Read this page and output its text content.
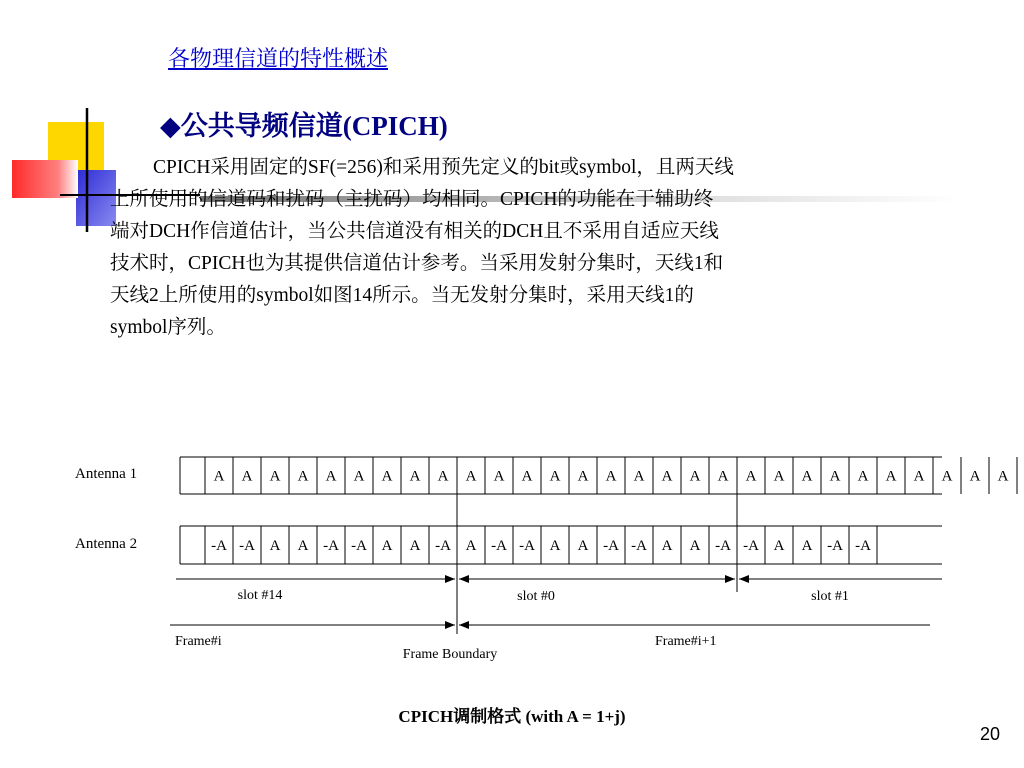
各物理信道的特性概述
◆公共导频信道(CPICH)

CPICH采用固定的SF(=256)和采用预先定义的bit或symbol，且两天线

上所使用的信道码和扰码（主扰码）均相同。CPICH的功能在于辅助终

端对DCH作信道估计，当公共信道没有相关的DCH且不采用自适应天线

技术时，CPICH也为其提供信道估计参考。当采用发射分集时，天线1和

天线2上所使用的symbol如图14所示。当无发射分集时，采用天线1的

symbol序列。

Antenna 1
Antenna 2
A A A A A A A A A A A A A A A A A A A A A A A A A A A A A
-A -A A A -A -A A A -A A -A -A A A -A -A A A -A -A A A -A -A
slot #14	slot #0	slot #1
Frame#i	Frame#i+1
Frame Boundary
CPICH调制格式 (with A = 1+j)
20
